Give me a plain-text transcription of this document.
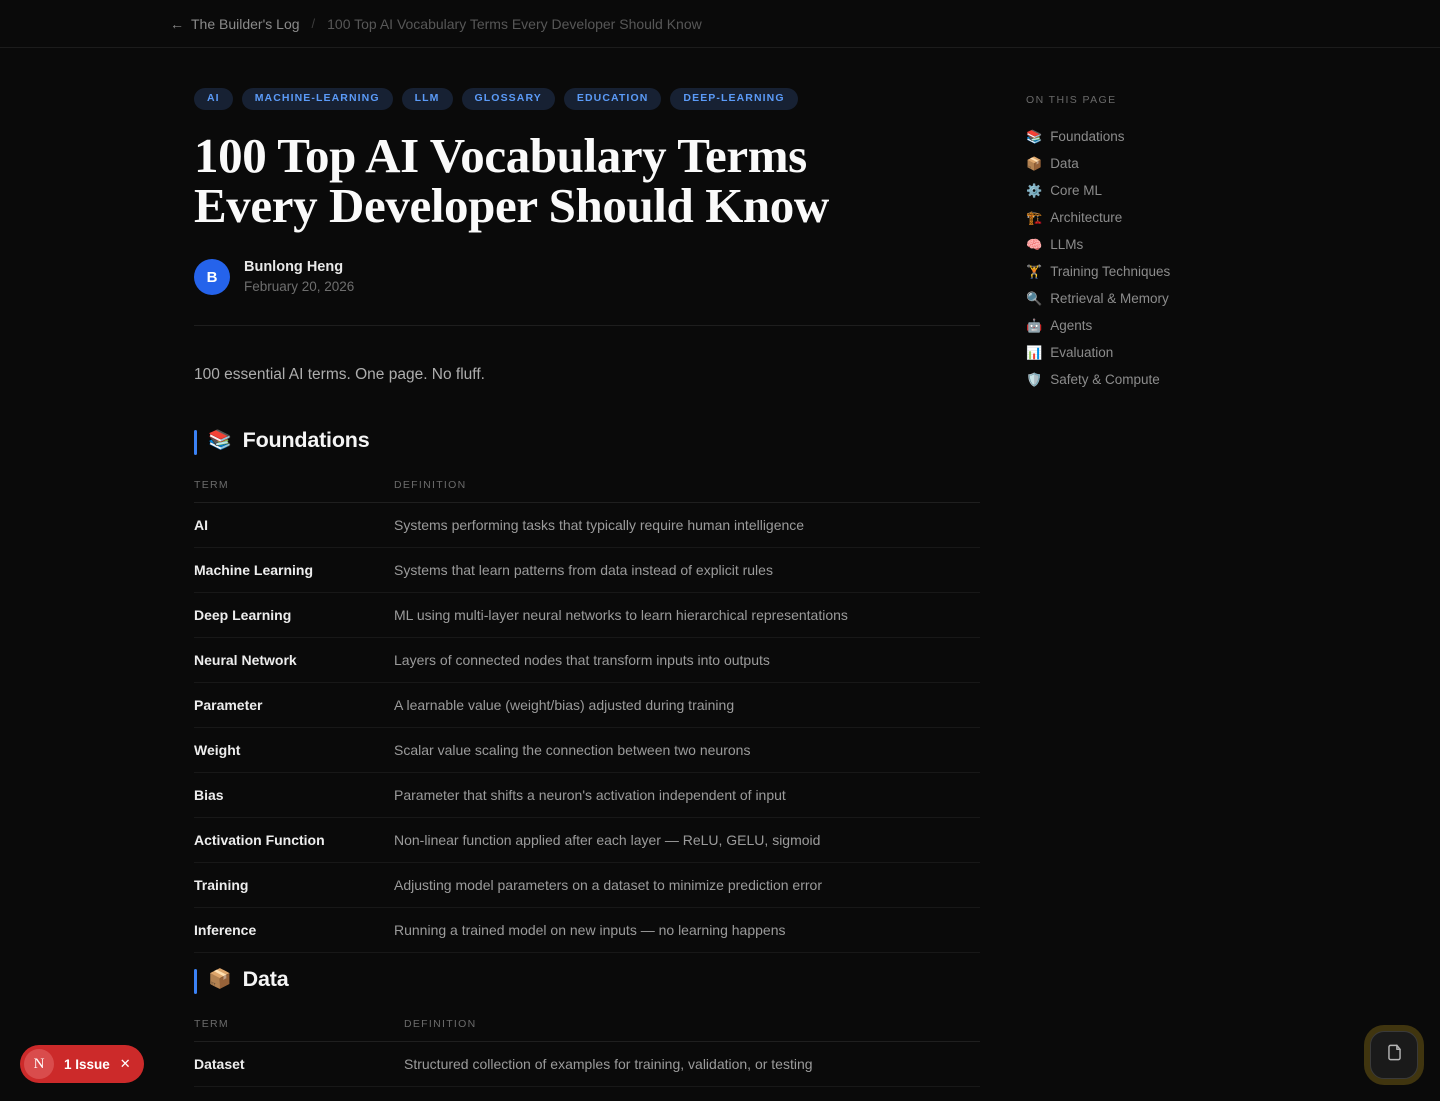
← The Builder's Log / 100 Top AI Vocabulary Terms Every Developer Should Know
AI	MACHINE-LEARNING	LLM	GLOSSARY	EDUCATION	DEEP-LEARNING
100 Top AI Vocabulary Terms Every Developer Should Know
B
Bunlong Heng
February 20, 2026

100 essential AI terms. One page. No fluff.

📚 Foundations
TERM	DEFINITION
AI	Systems performing tasks that typically require human intelligence
Machine Learning	Systems that learn patterns from data instead of explicit rules
Deep Learning	ML using multi-layer neural networks to learn hierarchical representations
Neural Network	Layers of connected nodes that transform inputs into outputs
Parameter	A learnable value (weight/bias) adjusted during training
Weight	Scalar value scaling the connection between two neurons
Bias	Parameter that shifts a neuron's activation independent of input
Activation Function	Non-linear function applied after each layer — ReLU, GELU, sigmoid
Training	Adjusting model parameters on a dataset to minimize prediction error
Inference	Running a trained model on new inputs — no learning happens
📦 Data
TERM	DEFINITION
Dataset	Structured collection of examples for training, validation, or testing
ON THIS PAGE
📚 Foundations
📦 Data
⚙️ Core ML
🏗️ Architecture
🧠 LLMs
🏋️ Training Techniques
🔍 Retrieval & Memory
🤖 Agents
📊 Evaluation
🛡️ Safety & Compute
N	1 Issue ✕
